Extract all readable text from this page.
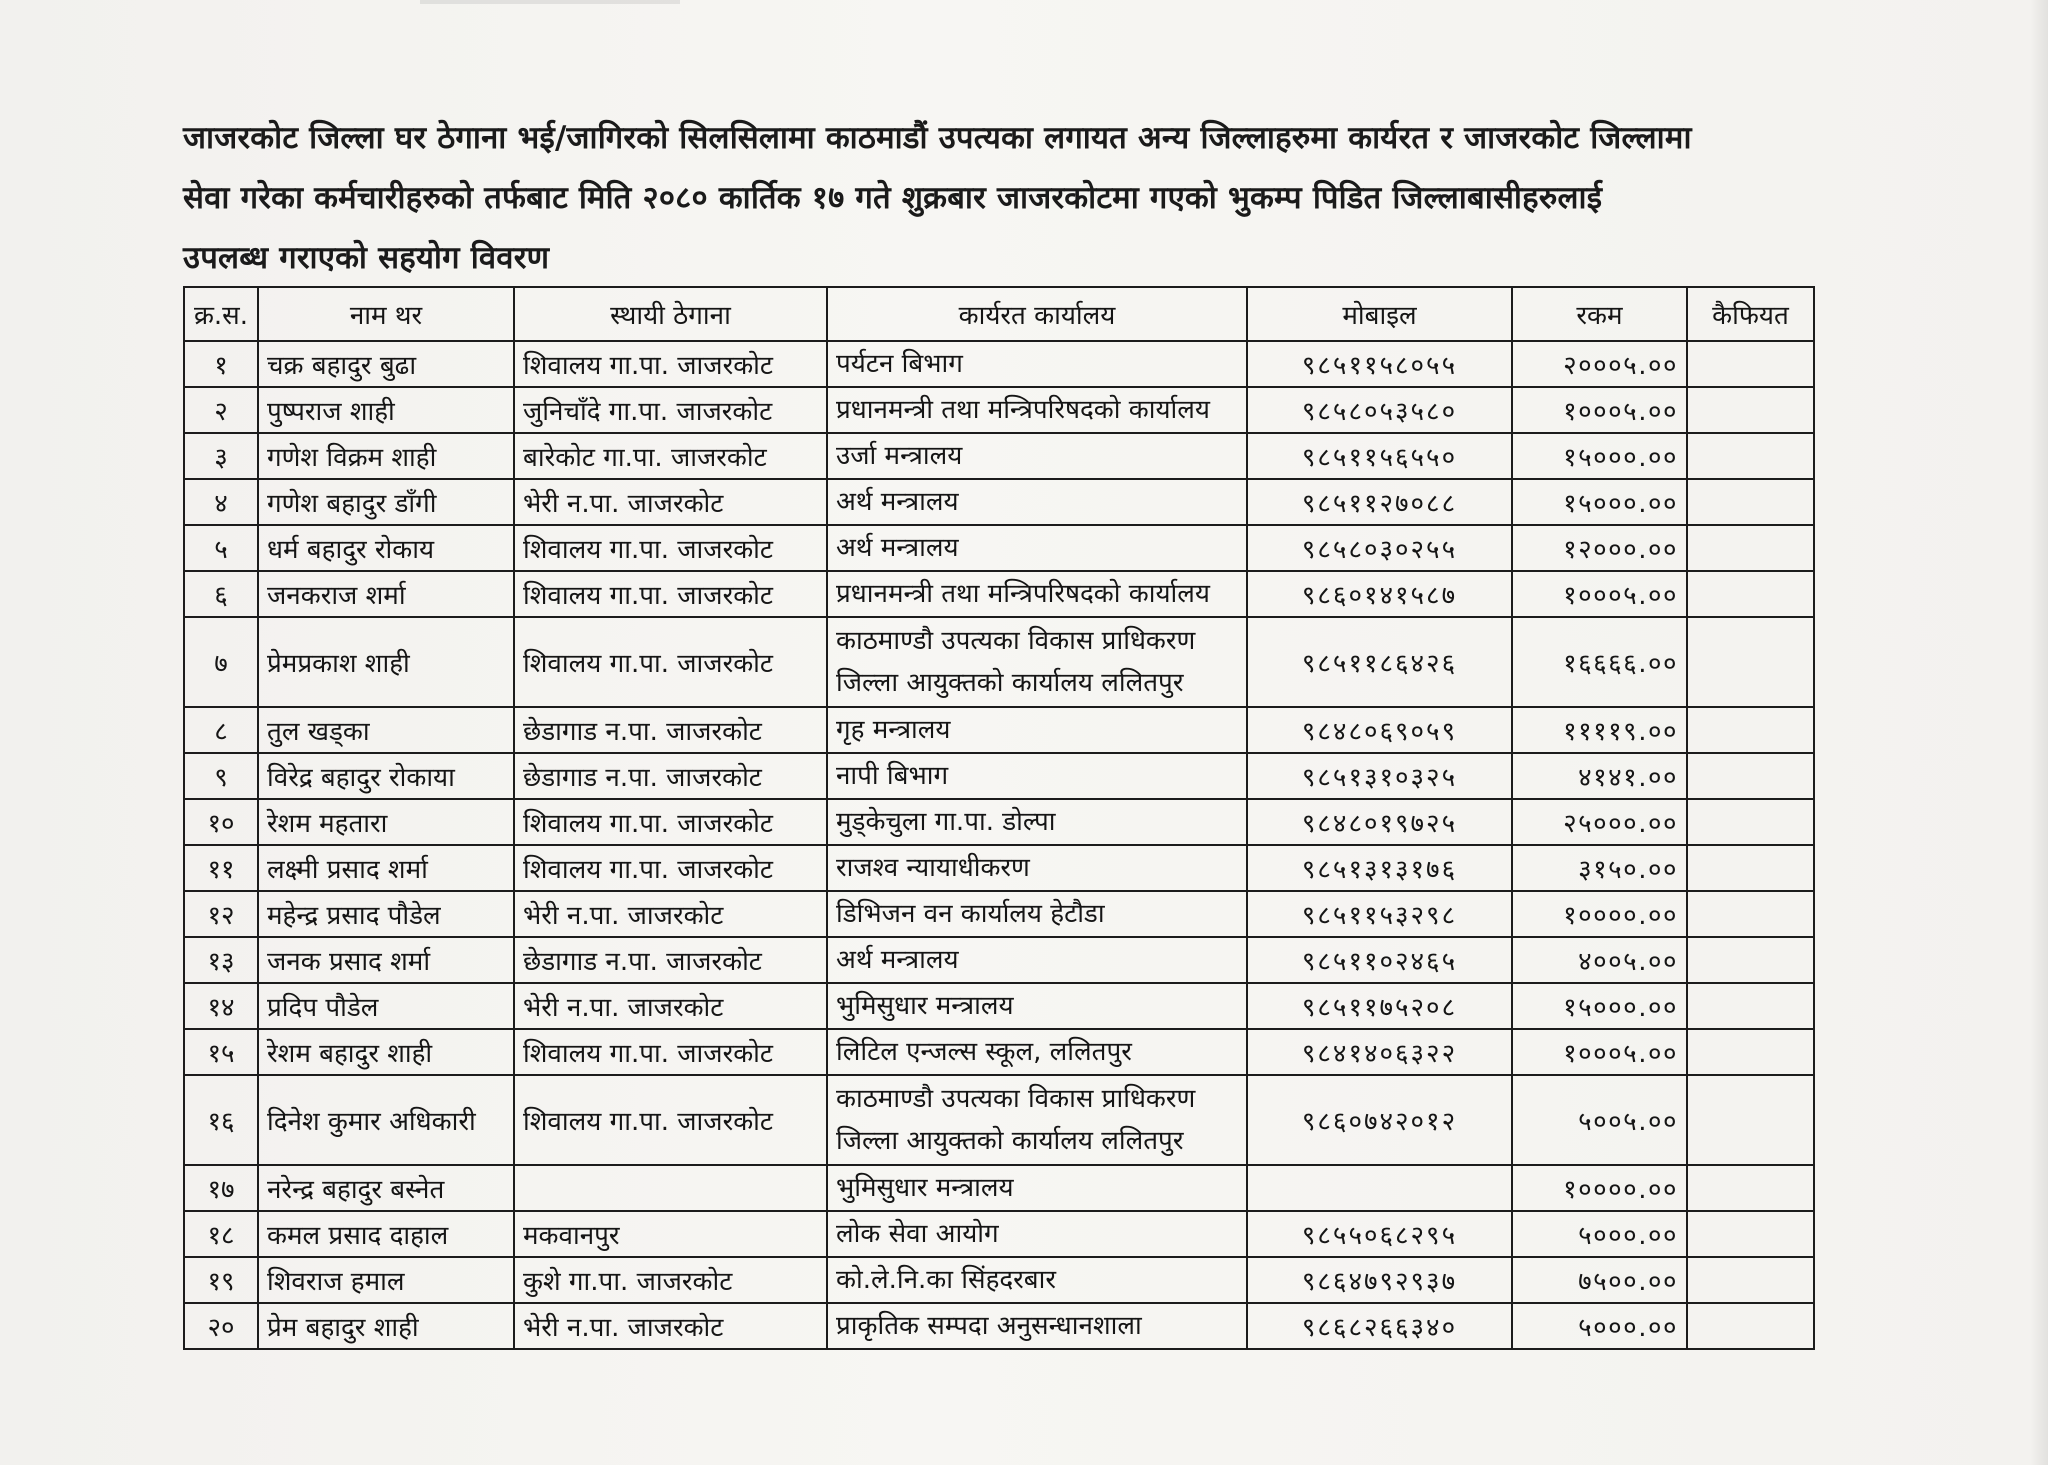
जाजरकोट जिल्ला घर ठेगाना भई/जागिरको सिलसिलामा काठमाडौं उपत्यका लगायत अन्य जिल्लाहरुमा कार्यरत र जाजरकोट जिल्लामा
सेवा गरेका कर्मचारीहरुको तर्फबाट मिति २०८० कार्तिक १७ गते शुक्रबार जाजरकोटमा गएको भुकम्प पिडित जिल्लाबासीहरुलाई
उपलब्ध गराएको सहयोग विवरण
क्र.स.	नाम थर	स्थायी ठेगाना	कार्यरत कार्यालय	मोबाइल	रकम	कैफियत
१	चक्र बहादुर बुढा	शिवालय गा.पा. जाजरकोट	पर्यटन बिभाग	९८५११५८०५५	२०००५.००	
२	पुष्पराज शाही	जुनिचाँदे गा.पा. जाजरकोट	प्रधानमन्त्री तथा मन्त्रिपरिषदको कार्यालय	९८५८०५३५८०	१०००५.००	
३	गणेश विक्रम शाही	बारेकोट गा.पा. जाजरकोट	उर्जा मन्त्रालय	९८५११५६५५०	१५०००.००	
४	गणेश बहादुर डाँगी	भेरी न.पा. जाजरकोट	अर्थ मन्त्रालय	९८५११२७०८८	१५०००.००	
५	धर्म बहादुर रोकाय	शिवालय गा.पा. जाजरकोट	अर्थ मन्त्रालय	९८५८०३०२५५	१२०००.००	
६	जनकराज शर्मा	शिवालय गा.पा. जाजरकोट	प्रधानमन्त्री तथा मन्त्रिपरिषदको कार्यालय	९८६०१४१५८७	१०००५.००	
७	प्रेमप्रकाश शाही	शिवालय गा.पा. जाजरकोट	काठमाण्डौ उपत्यका विकास प्राधिकरण
जिल्ला आयुक्तको कार्यालय ललितपुर	९८५११८६४२६	१६६६६.००	
८	तुल खड्का	छेडागाड न.पा. जाजरकोट	गृह मन्त्रालय	९८४८०६९०५९	११११९.००	
९	विरेद्र बहादुर रोकाया	छेडागाड न.पा. जाजरकोट	नापी बिभाग	९८५१३१०३२५	४१४१.००	
१०	रेशम महतारा	शिवालय गा.पा. जाजरकोट	मुड्केचुला गा.पा. डोल्पा	९८४८०१९७२५	२५०००.००	
११	लक्ष्मी प्रसाद शर्मा	शिवालय गा.पा. जाजरकोट	राजश्व न्यायाधीकरण	९८५१३१३१७६	३१५०.००	
१२	महेन्द्र प्रसाद पौडेल	भेरी न.पा. जाजरकोट	डिभिजन वन कार्यालय हेटौडा	९८५११५३२९८	१००००.००	
१३	जनक प्रसाद शर्मा	छेडागाड न.पा. जाजरकोट	अर्थ मन्त्रालय	९८५११०२४६५	४००५.००	
१४	प्रदिप पौडेल	भेरी न.पा. जाजरकोट	भुमिसुधार मन्त्रालय	९८५११७५२०८	१५०००.००	
१५	रेशम बहादुर शाही	शिवालय गा.पा. जाजरकोट	लिटिल एन्जल्स स्कूल, ललितपुर	९८४१४०६३२२	१०००५.००	
१६	दिनेश कुमार अधिकारी	शिवालय गा.पा. जाजरकोट	काठमाण्डौ उपत्यका विकास प्राधिकरण
जिल्ला आयुक्तको कार्यालय ललितपुर	९८६०७४२०१२	५००५.००	
१७	नरेन्द्र बहादुर बस्नेत		भुमिसुधार मन्त्रालय		१००००.००	
१८	कमल प्रसाद दाहाल	मकवानपुर	लोक सेवा आयोग	९८५५०६८२९५	५०००.००	
१९	शिवराज हमाल	कुशे गा.पा. जाजरकोट	को.ले.नि.का सिंहदरबार	९८६४७९२९३७	७५००.००	
२०	प्रेम बहादुर शाही	भेरी न.पा. जाजरकोट	प्राकृतिक सम्पदा अनुसन्धानशाला	९८६८२६६३४०	५०००.००	
